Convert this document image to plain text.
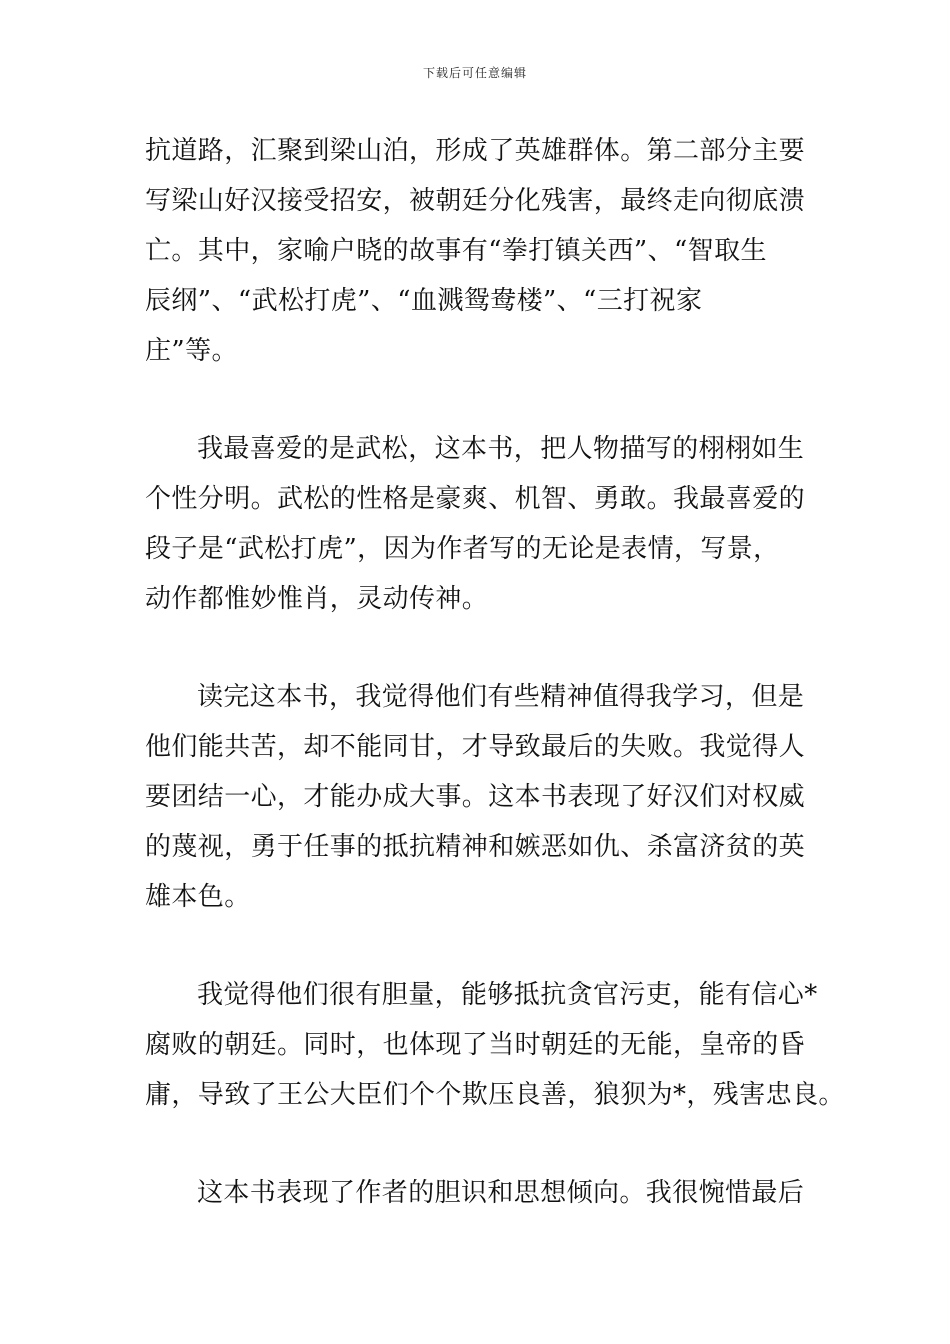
下载后可任意编辑
抗道路，汇聚到梁山泊，形成了英雄群体。第二部分主要
写梁山好汉接受招安，被朝廷分化残害，最终走向彻底溃
亡。其中，家喻户晓的故事有“拳打镇关西”、“智取生
辰纲”、“武松打虎”、“血溅鸳鸯楼”、“三打祝家
庄”等。
我最喜爱的是武松，这本书，把人物描写的栩栩如生
个性分明。武松的性格是豪爽、机智、勇敢。我最喜爱的
段子是“武松打虎”，因为作者写的无论是表情，写景，
动作都惟妙惟肖，灵动传神。
读完这本书，我觉得他们有些精神值得我学习，但是
他们能共苦，却不能同甘，才导致最后的失败。我觉得人
要团结一心，才能办成大事。这本书表现了好汉们对权威
的蔑视，勇于任事的抵抗精神和嫉恶如仇、杀富济贫的英
雄本色。
我觉得他们很有胆量，能够抵抗贪官污吏，能有信心*
腐败的朝廷。同时，也体现了当时朝廷的无能，皇帝的昏
庸，导致了王公大臣们个个欺压良善，狼狈为*，残害忠良。
这本书表现了作者的胆识和思想倾向。我很惋惜最后
